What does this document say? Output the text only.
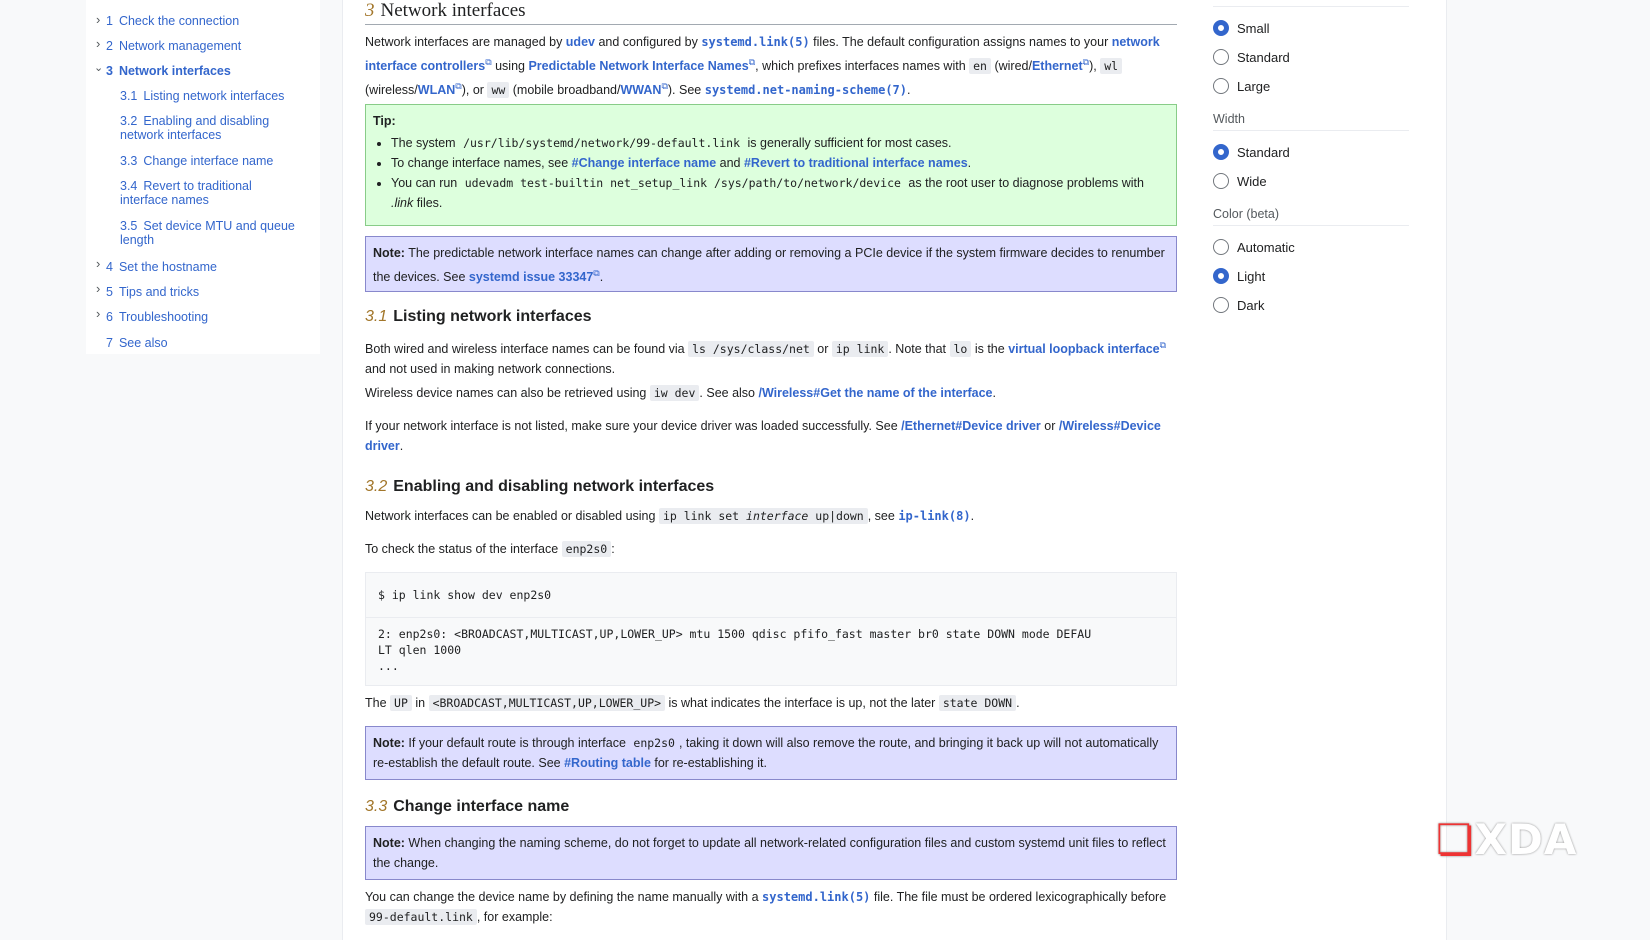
› 1 Check the connection
› 2 Network management
⌄ 3 Network interfaces
3.1 Listing network interfaces
3.2 Enabling and disabling network interfaces
3.3 Change interface name
3.4 Revert to traditional interface names
3.5 Set device MTU and queue length
› 4 Set the hostname
› 5 Tips and tricks
› 6 Troubleshooting
7 See also
3 Network interfaces
Network interfaces are managed by udev and configured by systemd.link(5) files. The default configuration assigns names to your network interface controllers⧉ using Predictable Network Interface Names⧉, which prefixes interfaces names with en (wired/Ethernet⧉), wl (wireless/WLAN⧉), or ww (mobile broadband/WWAN⧉). See systemd.net-naming-scheme(7).
Tip:
• The system /usr/lib/systemd/network/99-default.link is generally sufficient for most cases.
• To change interface names, see #Change interface name and #Revert to traditional interface names.
• You can run udevadm test-builtin net_setup_link /sys/path/to/network/device as the root user to diagnose problems with .link files.
Note: The predictable network interface names can change after adding or removing a PCIe device if the system firmware decides to renumber the devices. See systemd issue 33347⧉.
3.1 Listing network interfaces
Both wired and wireless interface names can be found via ls /sys/class/net or ip link . Note that lo is the virtual loopback interface⧉ and not used in making network connections.
Wireless device names can also be retrieved using iw dev . See also /Wireless#Get the name of the interface.
If your network interface is not listed, make sure your device driver was loaded successfully. See /Ethernet#Device driver or /Wireless#Device driver.
3.2 Enabling and disabling network interfaces
Network interfaces can be enabled or disabled using ip link set interface up|down , see ip-link(8).
To check the status of the interface enp2s0 :
$ ip link show dev enp2s0
2: enp2s0: <BROADCAST,MULTICAST,UP,LOWER_UP> mtu 1500 qdisc pfifo_fast master br0 state DOWN mode DEFAU
LT qlen 1000
...
The UP in <BROADCAST,MULTICAST,UP,LOWER_UP> is what indicates the interface is up, not the later state DOWN .
Note: If your default route is through interface enp2s0 , taking it down will also remove the route, and bringing it back up will not automatically re-establish the default route. See #Routing table for re-establishing it.
3.3 Change interface name
Note: When changing the naming scheme, do not forget to update all network-related configuration files and custom systemd unit files to reflect the change.
You can change the device name by defining the name manually with a systemd.link(5) file. The file must be ordered lexicographically before
99-default.link , for example:
Small
Standard
Large
Width
Standard
Wide
Color (beta)
Automatic
Light
Dark
❏XDA
